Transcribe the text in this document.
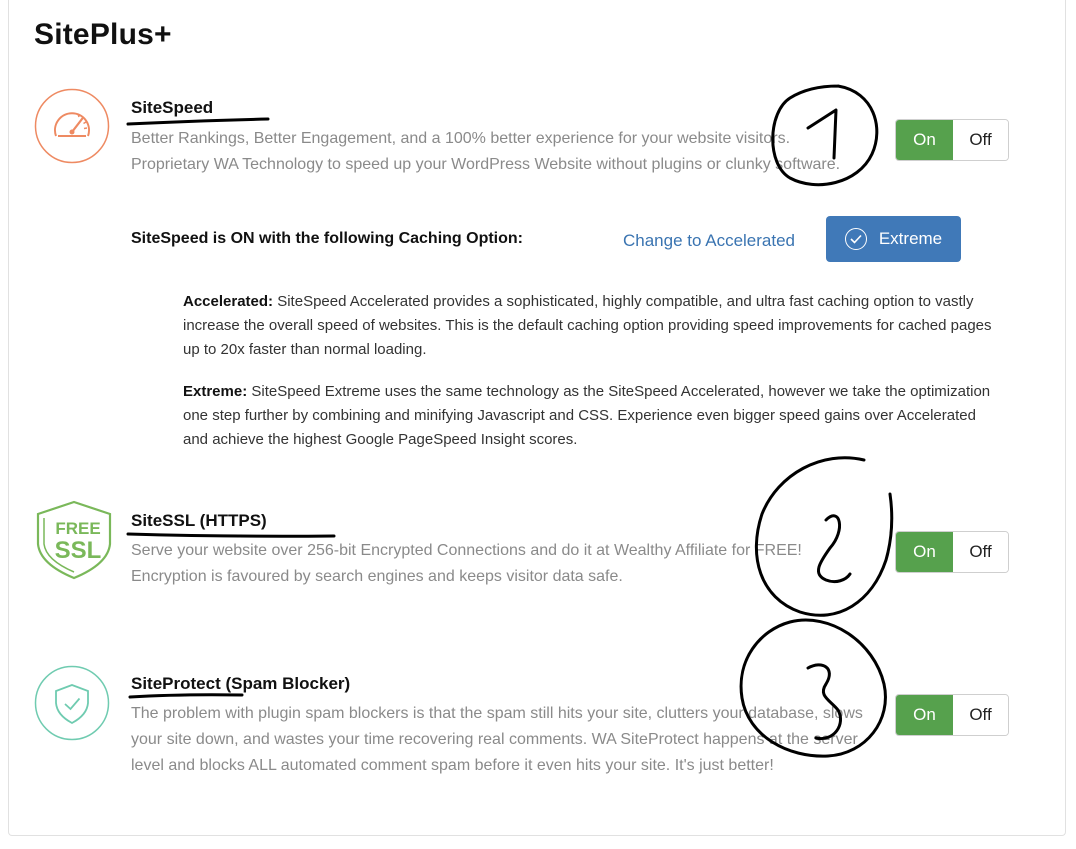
SitePlus+
SiteSpeed
Better Rankings, Better Engagement, and a 100% better experience for your website visitors. Proprietary WA Technology to speed up your WordPress Website without plugins or clunky software.
On	Off
SiteSpeed is ON with the following Caching Option:	Change to Accelerated	Extreme
Accelerated: SiteSpeed Accelerated provides a sophisticated, highly compatible, and ultra fast caching option to vastly increase the overall speed of websites. This is the default caching option providing speed improvements for cached pages up to 20x faster than normal loading.
Extreme: SiteSpeed Extreme uses the same technology as the SiteSpeed Accelerated, however we take the optimization one step further by combining and minifying Javascript and CSS. Experience even bigger speed gains over Accelerated and achieve the highest Google PageSpeed Insight scores.
FREE
SSL
SiteSSL (HTTPS)
Serve your website over 256-bit Encrypted Connections and do it at Wealthy Affiliate for FREE! Encryption is favoured by search engines and keeps visitor data safe.
On	Off
SiteProtect (Spam Blocker)
The problem with plugin spam blockers is that the spam still hits your site, clutters your database, slows your site down, and wastes your time recovering real comments. WA SiteProtect happens at the server level and blocks ALL automated comment spam before it even hits your site. It's just better!
On	Off
